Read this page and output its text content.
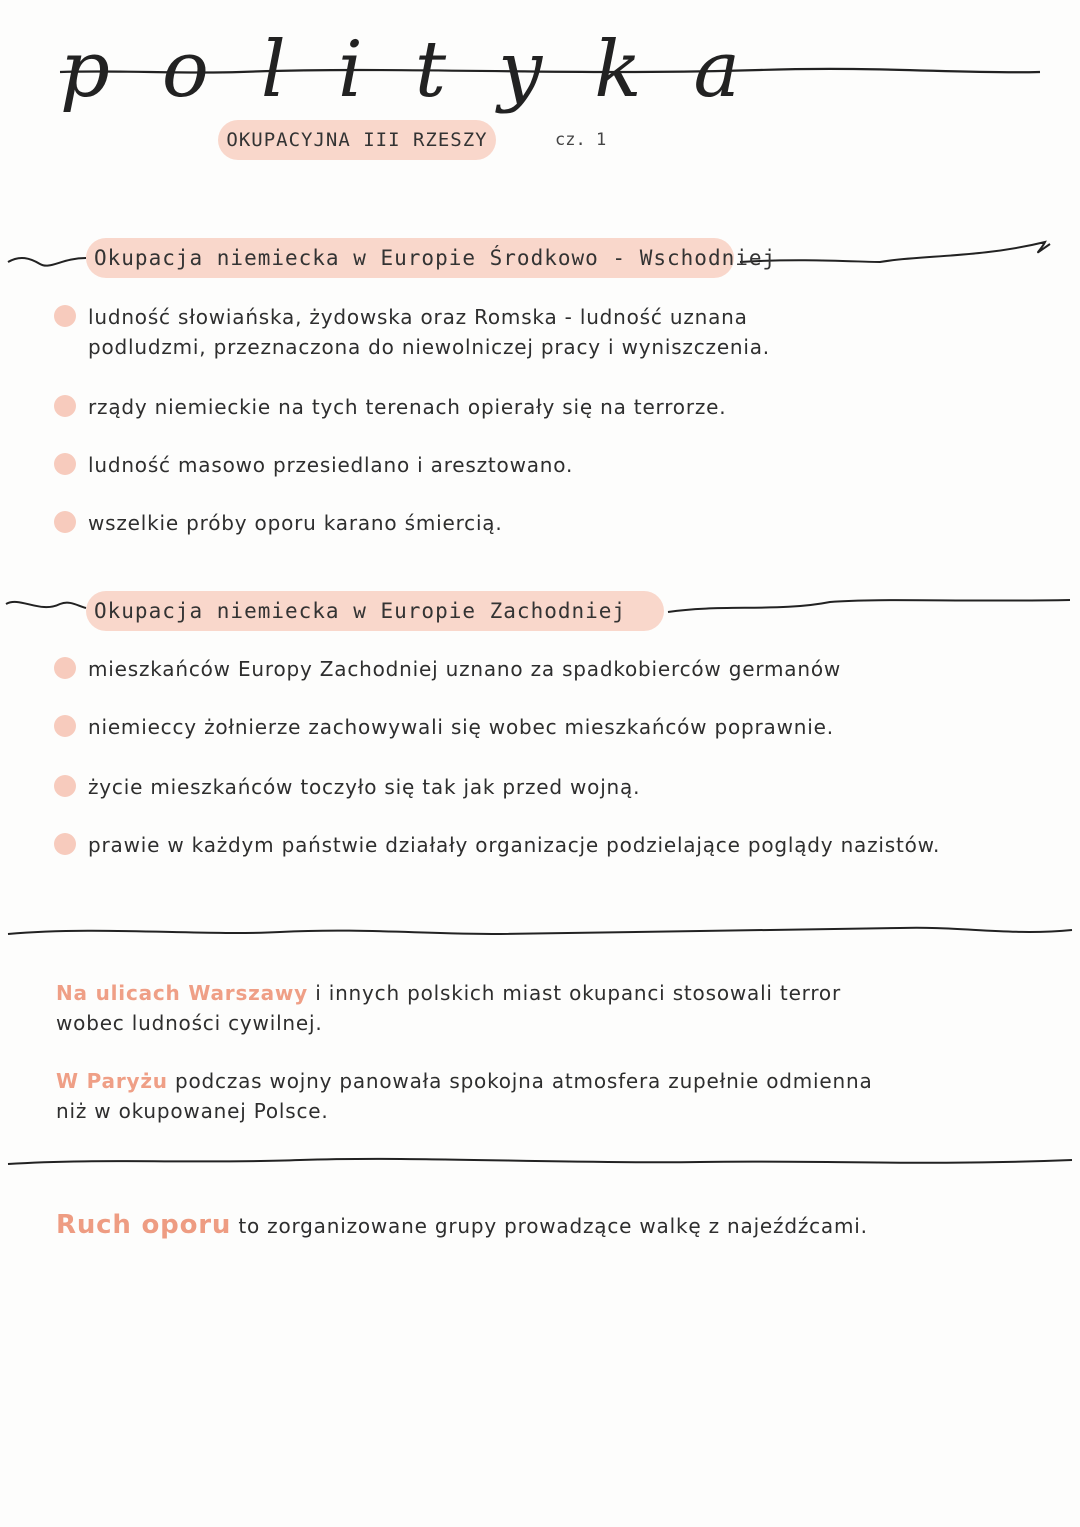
polityka
OKUPACYJNA III RZESZY	cz. 1
Okupacja niemiecka w Europie Środkowo - Wschodniej
ludność słowiańska, żydowska oraz Romska - ludność uznana podludzmi, przeznaczona do niewolniczej pracy i wyniszczenia.
rządy niemieckie na tych terenach opierały się na terrorze.
ludność masowo przesiedlano i aresztowano.
wszelkie próby oporu karano śmiercią.
Okupacja niemiecka w Europie Zachodniej
mieszkańców Europy Zachodniej uznano za spadkobierców germanów
niemieccy żołnierze zachowywali się wobec mieszkańców poprawnie.
życie mieszkańców toczyło się tak jak przed wojną.
prawie w każdym państwie działały organizacje podzielające poglądy nazistów.
Na ulicach Warszawy i innych polskich miast okupanci stosowali terror wobec ludności cywilnej.
W Paryżu podczas wojny panowała spokojna atmosfera zupełnie odmienna niż w okupowanej Polsce.
Ruch oporu to zorganizowane grupy prowadzące walkę z najeźdźcami.
